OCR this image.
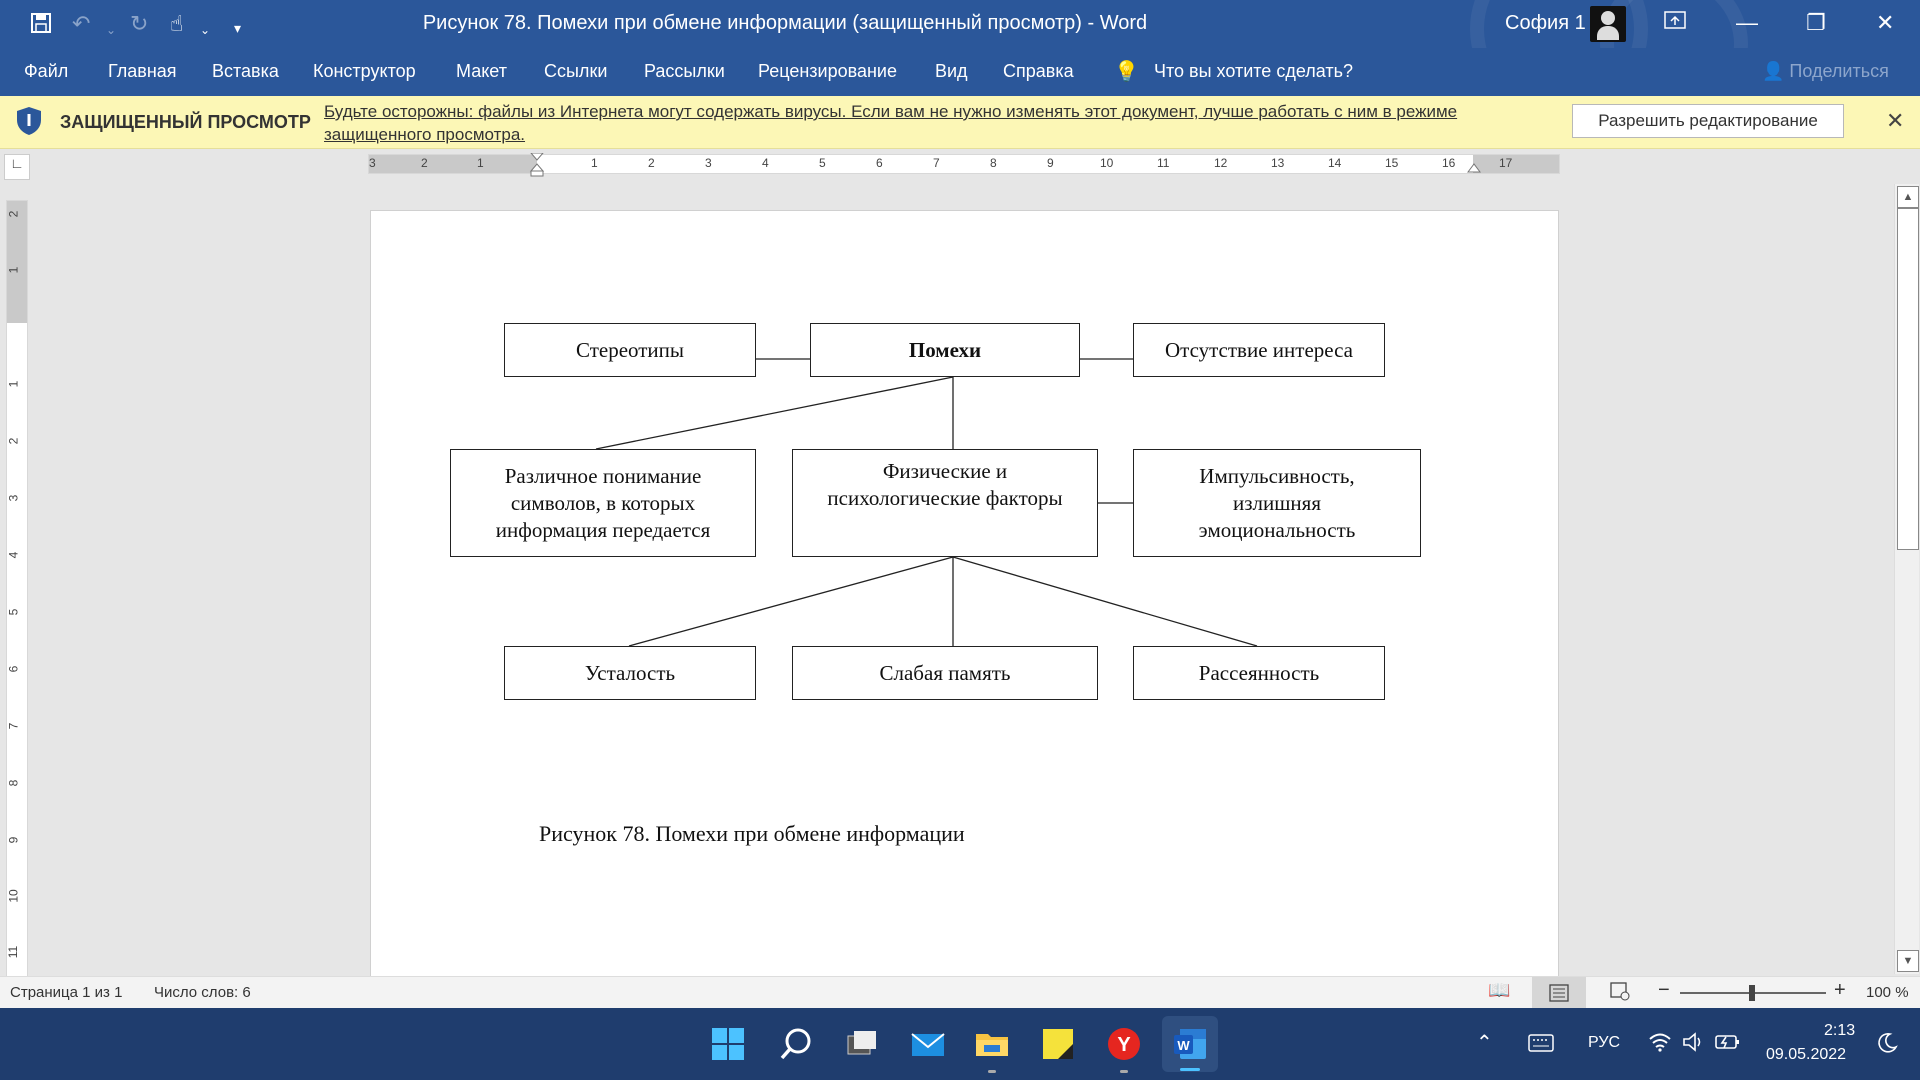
↶ ⌄ ↻ ☝ ⌄ ▾	Рисунок 78. Помехи при обмене информации (защищенный просмотр) - Word	София 1	— ❐ ✕
Файл Главная Вставка Конструктор Макет Ссылки Рассылки Рецензирование Вид Справка 💡 Что вы хотите сделать?	👤 Поделиться
ЗАЩИЩЕННЫЙ ПРОСМОТР
Будьте осторожны: файлы из Интернета могут содержать вирусы. Если вам не нужно изменять этот документ, лучше работать с ним в режиме защищенного просмотра.
Разрешить редактирование	✕
∟	3	2	1	1	2	3	4	5	6	7	8	9	10	11	12	13	14	15	16	17
2
1
1
2
3
4
5
6
7
8
9
10
11
Стереотипы	Помехи	Отсутствие интереса
Различное понимание
символов, в которых
информация передается
Физические и
психологические факторы
Импульсивность,
излишняя
эмоциональность
Усталость	Слабая память	Рассеянность
Рисунок 78. Помехи при обмене информации
▲
▼
Страница 1 из 1 Число слов: 6	📖	−	+ 100 %
Y	W	⌃	РУС
2:13
09.05.2022
